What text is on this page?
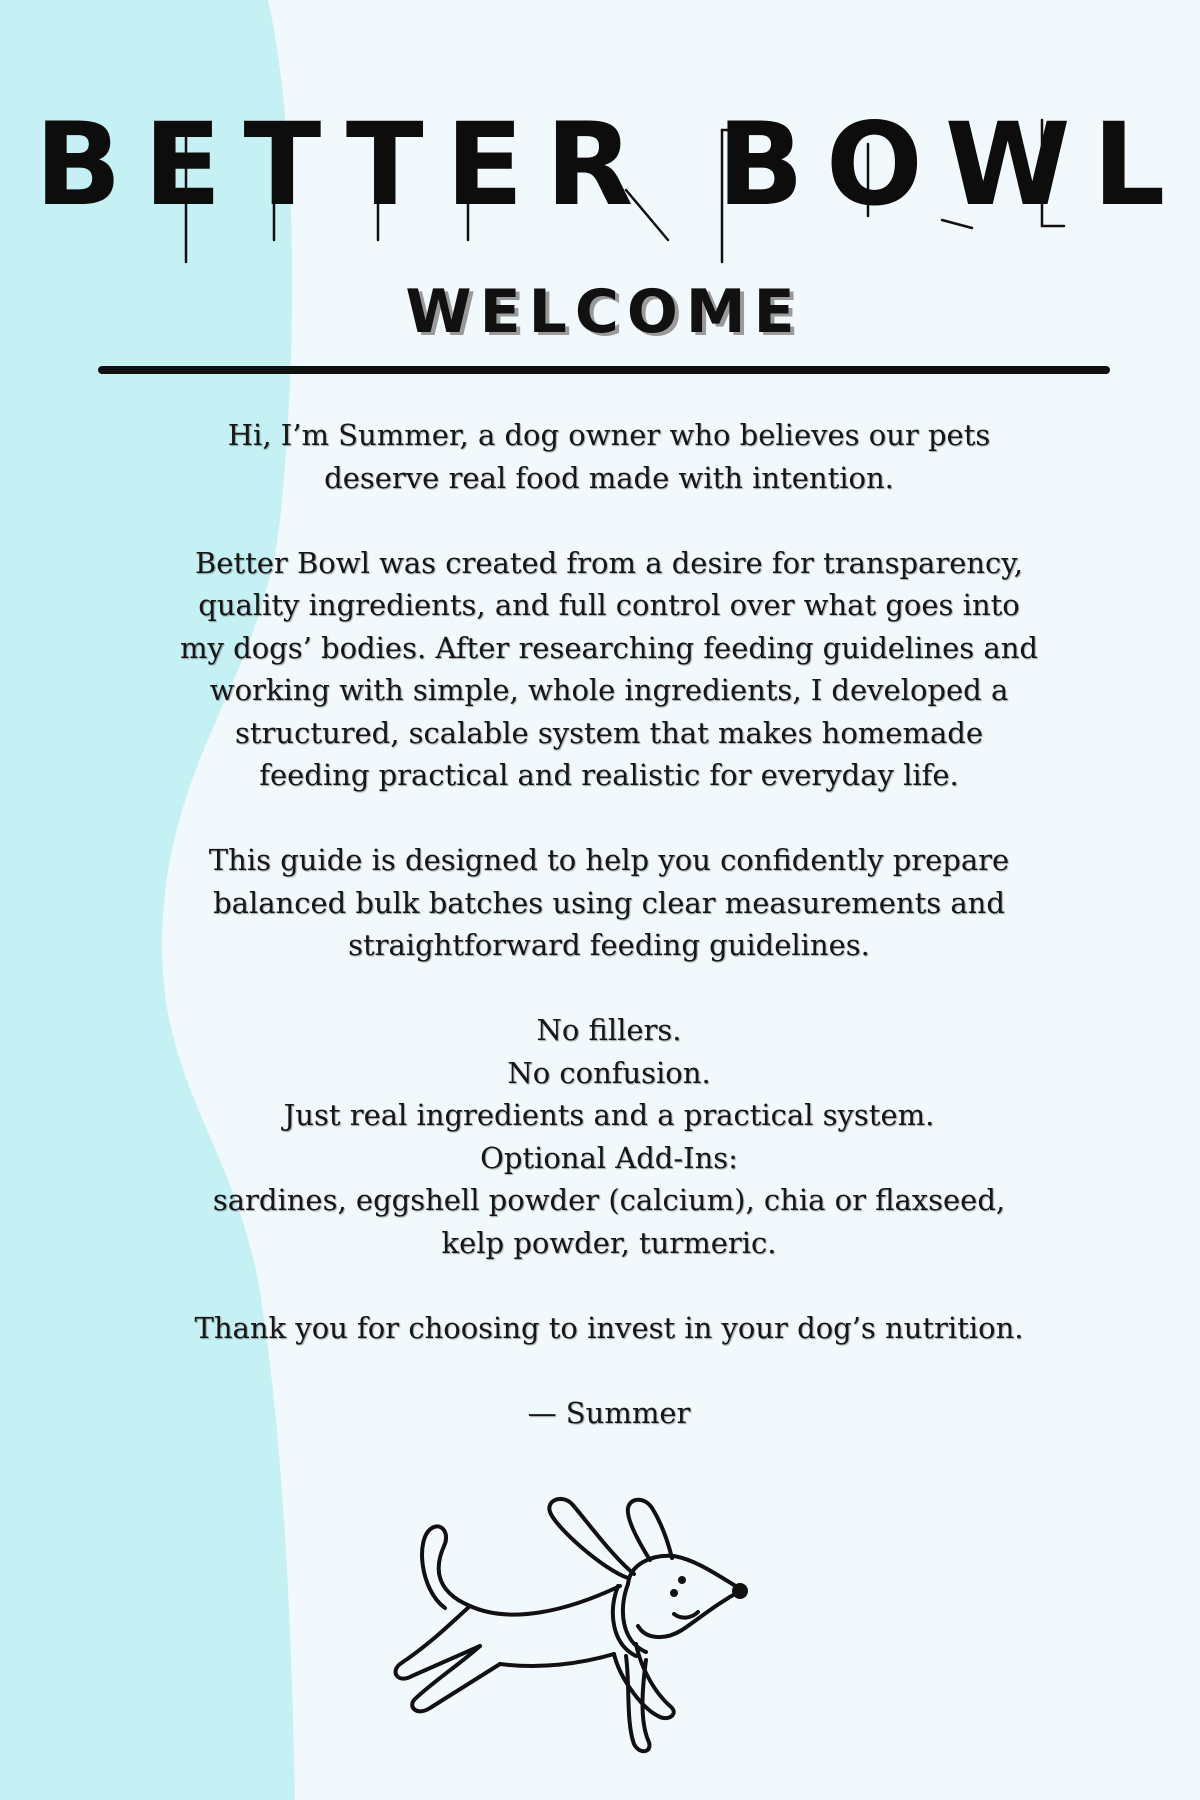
BETTER BOWL
WELCOME

Hi, I’m Summer, a dog owner who believes our pets
deserve real food made with intention.

Better Bowl was created from a desire for transparency,
quality ingredients, and full control over what goes into
my dogs’ bodies. After researching feeding guidelines and
working with simple, whole ingredients, I developed a
structured, scalable system that makes homemade
feeding practical and realistic for everyday life.

This guide is designed to help you confidently prepare
balanced bulk batches using clear measurements and
straightforward feeding guidelines.

No fillers.
No confusion.
Just real ingredients and a practical system.
Optional Add-Ins:
sardines, eggshell powder (calcium), chia or flaxseed,
kelp powder, turmeric.

Thank you for choosing to invest in your dog’s nutrition.

— Summer
